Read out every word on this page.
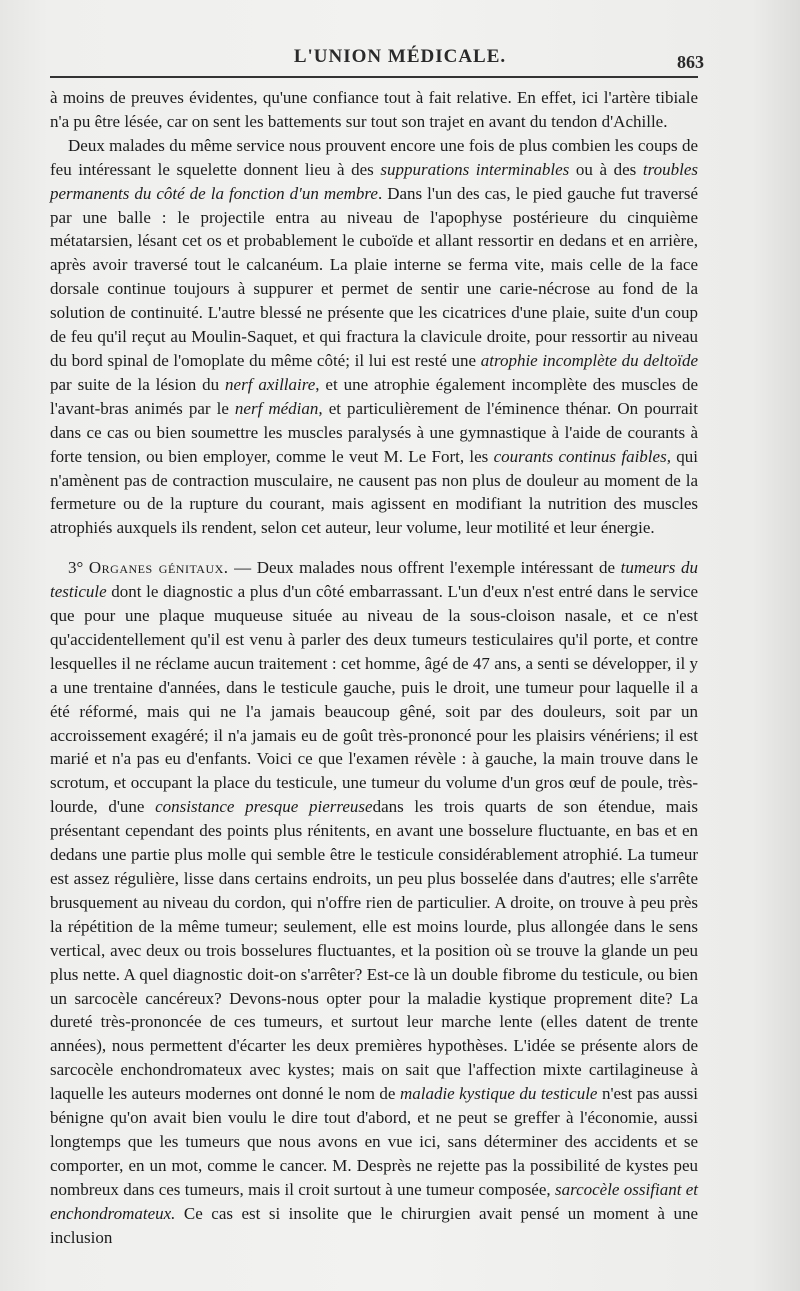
L'UNION MÉDICALE.	863

à moins de preuves évidentes, qu'une confiance tout à fait relative. En effet, ici l'artère tibiale n'a pu être lésée, car on sent les battements sur tout son trajet en avant du tendon d'Achille.

Deux malades du même service nous prouvent encore une fois de plus combien les coups de feu intéressant le squelette donnent lieu à des suppurations interminables ou à des troubles permanents du côté de la fonction d'un membre. Dans l'un des cas, le pied gauche fut traversé par une balle : le projectile entra au niveau de l'apophyse postérieure du cinquième métatarsien, lésant cet os et probablement le cuboïde et allant ressortir en dedans et en arrière, après avoir traversé tout le calcanéum. La plaie interne se ferma vite, mais celle de la face dorsale continue toujours à suppurer et permet de sentir une carie-nécrose au fond de la solution de continuité. L'autre blessé ne présente que les cicatrices d'une plaie, suite d'un coup de feu qu'il reçut au Moulin-Saquet, et qui fractura la clavicule droite, pour ressortir au niveau du bord spinal de l'omoplate du même côté; il lui est resté une atrophie incomplète du deltoïde par suite de la lésion du nerf axillaire, et une atrophie également incomplète des muscles de l'avant-bras animés par le nerf médian, et particulièrement de l'éminence thénar. On pourrait dans ce cas ou bien soumettre les muscles paralysés à une gymnastique à l'aide de courants à forte tension, ou bien employer, comme le veut M. Le Fort, les courants continus faibles, qui n'amènent pas de contraction musculaire, ne causent pas non plus de douleur au moment de la fermeture ou de la rupture du courant, mais agissent en modifiant la nutrition des muscles atrophiés auxquels ils rendent, selon cet auteur, leur volume, leur motilité et leur énergie.

3° Organes génitaux. — Deux malades nous offrent l'exemple intéressant de tumeurs du testicule dont le diagnostic a plus d'un côté embarrassant. L'un d'eux n'est entré dans le service que pour une plaque muqueuse située au niveau de la sous-cloison nasale, et ce n'est qu'accidentellement qu'il est venu à parler des deux tumeurs testiculaires qu'il porte, et contre lesquelles il ne réclame aucun traitement : cet homme, âgé de 47 ans, a senti se développer, il y a une trentaine d'années, dans le testicule gauche, puis le droit, une tumeur pour laquelle il a été réformé, mais qui ne l'a jamais beaucoup gêné, soit par des douleurs, soit par un accroissement exagéré; il n'a jamais eu de goût très-prononcé pour les plaisirs vénériens; il est marié et n'a pas eu d'enfants. Voici ce que l'examen révèle : à gauche, la main trouve dans le scrotum, et occupant la place du testicule, une tumeur du volume d'un gros œuf de poule, très-lourde, d'une consistance presque pierreusedans les trois quarts de son étendue, mais présentant cependant des points plus rénitents, en avant une bosselure fluctuante, en bas et en dedans une partie plus molle qui semble être le testicule considérablement atrophié. La tumeur est assez régulière, lisse dans certains endroits, un peu plus bosselée dans d'autres; elle s'arrête brusquement au niveau du cordon, qui n'offre rien de particulier. A droite, on trouve à peu près la répétition de la même tumeur; seulement, elle est moins lourde, plus allongée dans le sens vertical, avec deux ou trois bosselures fluctuantes, et la position où se trouve la glande un peu plus nette. A quel diagnostic doit-on s'arrêter? Est-ce là un double fibrome du testicule, ou bien un sarcocèle cancéreux? Devons-nous opter pour la maladie kystique proprement dite? La dureté très-prononcée de ces tumeurs, et surtout leur marche lente (elles datent de trente années), nous permettent d'écarter les deux premières hypothèses. L'idée se présente alors de sarcocèle enchondromateux avec kystes; mais on sait que l'affection mixte cartilagineuse à laquelle les auteurs modernes ont donné le nom de maladie kystique du testicule n'est pas aussi bénigne qu'on avait bien voulu le dire tout d'abord, et ne peut se greffer à l'économie, aussi longtemps que les tumeurs que nous avons en vue ici, sans déterminer des accidents et se comporter, en un mot, comme le cancer. M. Desprès ne rejette pas la possibilité de kystes peu nombreux dans ces tumeurs, mais il croit surtout à une tumeur composée, sarcocèle ossifiant et enchondromateux. Ce cas est si insolite que le chirurgien avait pensé un moment à une inclusion
